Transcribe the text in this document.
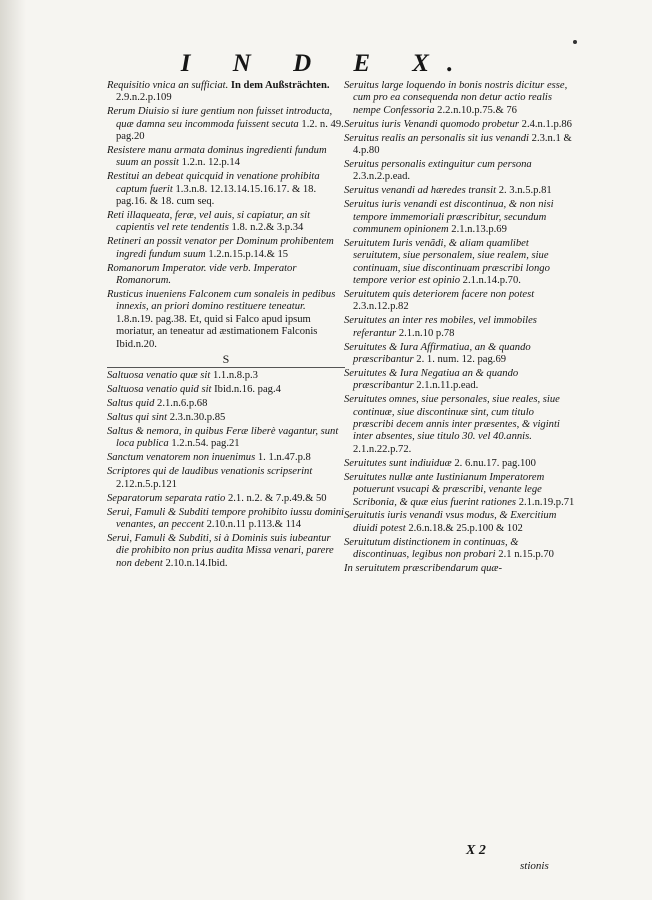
I N D E X.
Requisitio vnica an sufficiat. In dem Außsträchten. 2.9.n.2.p.109
Rerum Diuisio si iure gentium non fuisset introducta, quæ damna seu incommoda fuissent secuta 1.2. n. 49. pag.20
Resistere manu armata dominus ingredienti fundum suum an possit 1.2.n. 12.p.14
Restitui an debeat quicquid in venatione prohibita captum fuerit 1.3.n.8. 12.13.14.15.16.17. & 18. pag.16. & 18. cum seq.
Reti illaqueata, feræ, vel auis, si capiatur, an sit capientis vel rete tendentis 1.8. n.2.& 3.p.34
Retineri an possit venator per Dominum prohibentem ingredi fundum suum 1.2.n.15.p.14.& 15
Romanorum Imperator. vide verb. Imperator Romanorum.
Rusticus inueniens Falconem cum sonaleis in pedibus innexis, an priori domino restituere teneatur. 1.8.n.19. pag.38. Et, quid si Falco apud ipsum moriatur, an teneatur ad æstimationem Falconis Ibid.n.20.
S
Saltuosa venatio quæ sit 1.1.n.8.p.3
Saltuosa venatio quid sit Ibid.n.16. pag.4
Saltus quid 2.1.n.6.p.68
Saltus qui sint 2.3.n.30.p.85
Saltus & nemora, in quibus Feræ liberè vagantur, sunt loca publica 1.2.n.54. pag.21
Sanctum venatorem non inuenimus 1. 1.n.47.p.8
Scriptores qui de laudibus venationis scripserint 2.12.n.5.p.121
Separatorum separata ratio 2.1. n.2. & 7.p.49.& 50
Serui, Famuli & Subditi tempore prohibito iussu domini venantes, an peccent 2.10.n.11 p.113.& 114
Serui, Famuli & Subditi, si à Dominis suis iubeantur die prohibito non prius audita Missa venari, parere non debent 2.10.n.14.Ibid.
Seruitus large loquendo in bonis nostris dicitur esse, cum pro ea consequenda non detur actio realis nempe Confessoria 2.2.n.10.p.75.& 76
Seruitus iuris Venandi quomodo probetur 2.4.n.1.p.86
Seruitus realis an personalis sit ius venandi 2.3.n.1 & 4.p.80
Seruitus personalis extinguitur cum persona 2.3.n.2.p.ead.
Seruitus venandi ad hæredes transit 2. 3.n.5.p.81
Seruitus iuris venandi est discontinua, & non nisi tempore immemoriali præscribitur, secundum communem opinionem 2.1.n.13.p.69
Seruitutem Iuris venãdi, & aliam quamlibet seruitutem, siue personalem, siue realem, siue continuam, siue discontinuam præscribi longo tempore verior est opinio 2.1.n.14.p.70.
Seruitutem quis deteriorem facere non potest 2.3.n.12.p.82
Seruitutes an inter res mobiles, vel immobiles referantur 2.1.n.10 p.78
Seruitutes & Iura Affirmatiua, an & quando præscribantur 2. 1. num. 12. pag.69
Seruitutes & Iura Negatiua an & quando præscribantur 2.1.n.11.p.ead.
Seruitutes omnes, siue personales, siue reales, siue continuæ, siue discontinuæ sint, cum titulo præscribi decem annis inter præsentes, & viginti inter absentes, siue titulo 30. vel 40.annis. 2.1.n.22.p.72.
Seruitutes sunt indiuiduæ 2. 6.nu.17. pag.100
Seruitutes nullæ ante Iustinianum Imperatorem potuerunt vsucapi & præscribi, venante lege Scribonia, & quæ eius fuerint rationes 2.1.n.19.p.71
Seruitutis iuris venandi vsus modus, & Exercitium diuidi potest 2.6.n.18.& 25.p.100 & 102
Seruitutum distinctionem in continuas, & discontinuas, legibus non probari 2.1 n.15.p.70
In seruitutem præscribendarum quæ-
X 2
stionis
